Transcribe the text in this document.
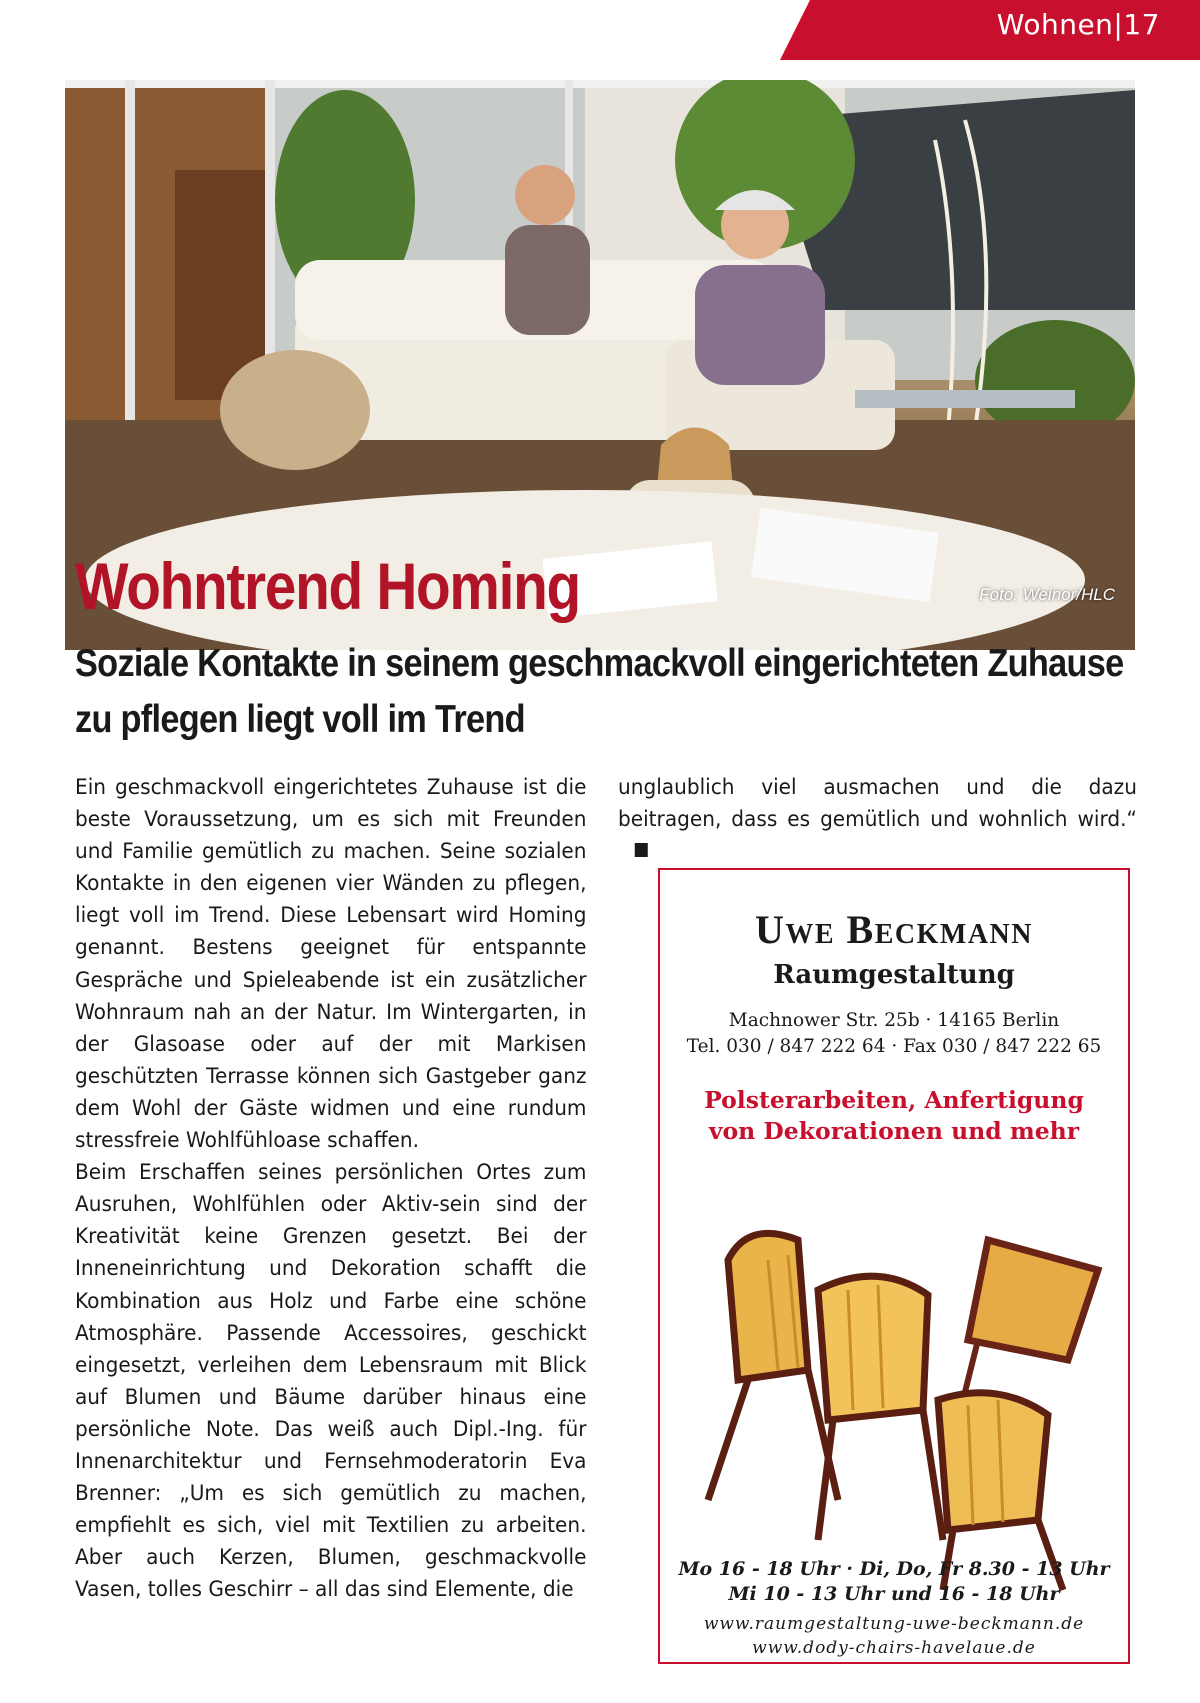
Wohnen|17
Foto: Weinor/HLC
Wohntrend Homing
Soziale Kontakte in seinem geschmackvoll eingerichteten Zuhause zu pflegen liegt voll im Trend

Ein geschmackvoll eingerichtetes Zuhause ist die beste Voraussetzung, um es sich mit Freunden und Familie gemütlich zu machen. Seine sozialen Kontakte in den eigenen vier Wänden zu pflegen, liegt voll im Trend. Diese Lebensart wird Homing genannt. Bestens geeignet für entspannte Gespräche und Spieleabende ist ein zusätzlicher Wohnraum nah an der Natur. Im Wintergarten, in der Glasoase oder auf der mit Markisen geschützten Terrasse können sich Gastgeber ganz dem Wohl der Gäste widmen und eine rundum stressfreie Wohlfühloase schaffen.

Beim Erschaffen seines persönlichen Ortes zum Ausruhen, Wohlfühlen oder Aktiv-sein sind der Kreativität keine Grenzen gesetzt. Bei der Inneneinrichtung und Dekoration schafft die Kombination aus Holz und Farbe eine schöne Atmosphäre. Passende Accessoires, geschickt eingesetzt, verleihen dem Lebensraum mit Blick auf Blumen und Bäume darüber hinaus eine persönliche Note. Das weiß auch Dipl.-Ing. für Innenarchitektur und Fernsehmoderatorin Eva Brenner: „Um es sich gemütlich zu machen, empfiehlt es sich, viel mit Textilien zu arbeiten. Aber auch Kerzen, Blumen, geschmackvolle Vasen, tolles Geschirr – all das sind Elemente, die

unglaublich viel ausmachen und die dazu beitragen, dass es gemütlich und wohnlich wird.“
Uwe Beckmann
Raumgestaltung
Machnower Str. 25b · 14165 Berlin
Tel. 030 / 847 222 64 · Fax 030 / 847 222 65
Polsterarbeiten, Anfertigung von Dekorationen und mehr
Mo 16 - 18 Uhr · Di, Do, Fr 8.30 - 13 Uhr
Mi 10 - 13 Uhr und 16 - 18 Uhr
www.raumgestaltung-uwe-beckmann.de
www.dody-chairs-havelaue.de
